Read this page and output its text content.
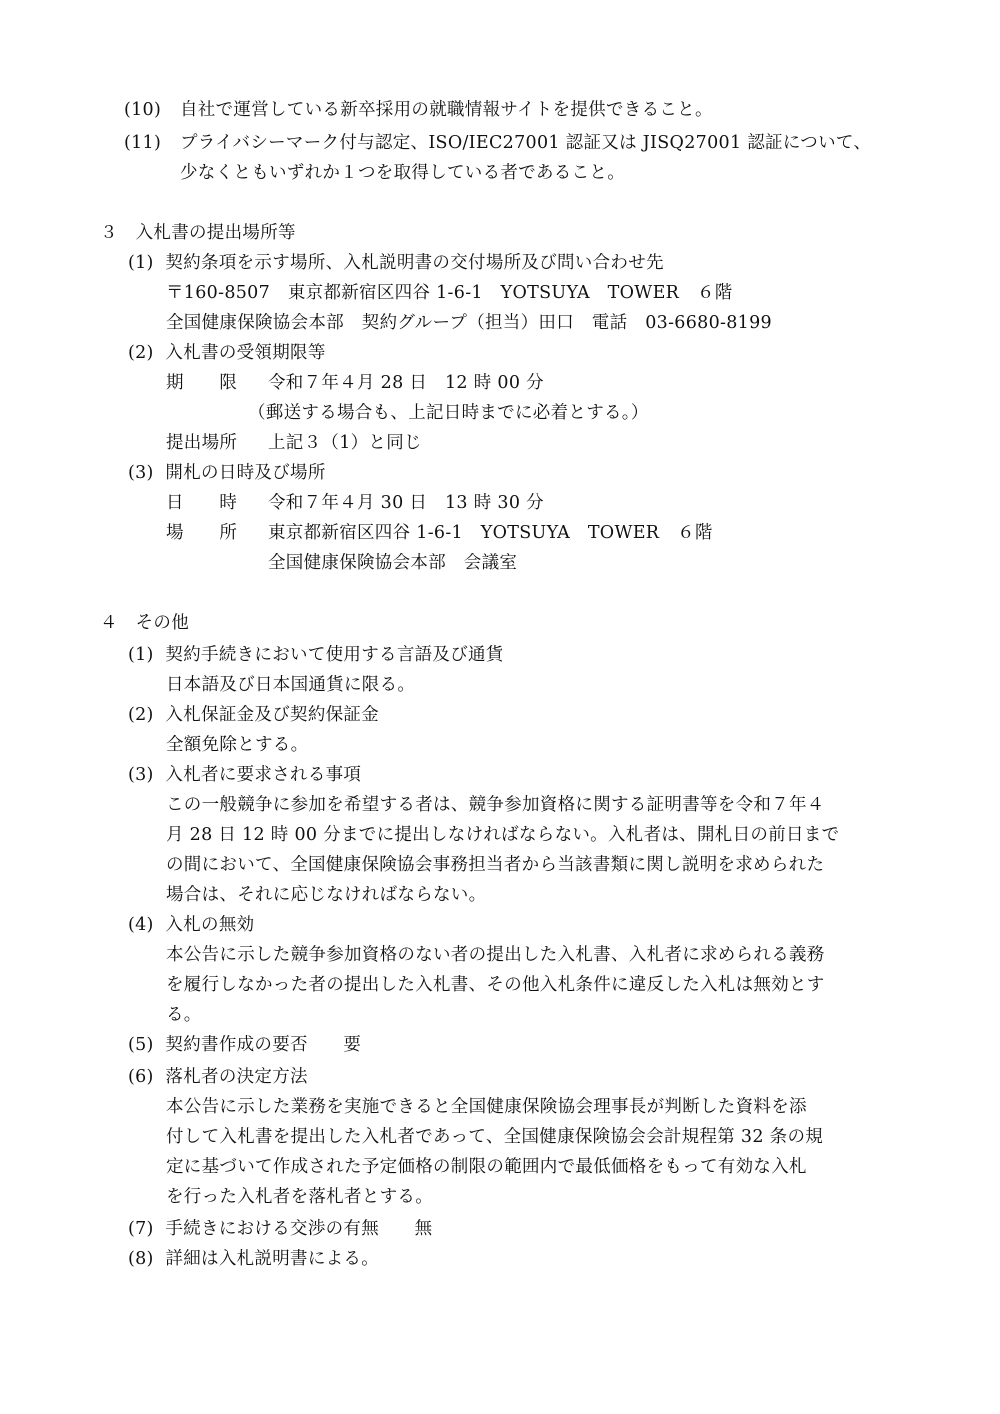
(10) 自社で運営している新卒採用の就職情報サイトを提供できること。
(11) プライバシーマーク付与認定、ISO/IEC27001 認証又は JISQ27001 認証について、
少なくともいずれか１つを取得している者であること。
３　入札書の提出場所等
(1)  契約条項を示す場所、入札説明書の交付場所及び問い合わせ先
〒160-8507　東京都新宿区四谷 1-6-1　YOTSUYA　TOWER　６階
全国健康保険協会本部　契約グループ（担当）田口　電話　03-6680-8199
(2)  入札書の受領期限等
期　　限 令和７年４月 28 日　12 時 00 分
（郵送する場合も、上記日時までに必着とする。）
提出場所 上記３（1）と同じ
(3)  開札の日時及び場所
日　　時 令和７年４月 30 日　13 時 30 分
場　　所 東京都新宿区四谷 1-6-1　YOTSUYA　TOWER　６階
全国健康保険協会本部　会議室
４　その他
(1)  契約手続きにおいて使用する言語及び通貨
日本語及び日本国通貨に限る。
(2)  入札保証金及び契約保証金
全額免除とする。
(3)  入札者に要求される事項
この一般競争に参加を希望する者は、競争参加資格に関する証明書等を令和７年４
月 28 日 12 時 00 分までに提出しなければならない。入札者は、開札日の前日まで
の間において、全国健康保険協会事務担当者から当該書類に関し説明を求められた
場合は、それに応じなければならない。
(4)  入札の無効
本公告に示した競争参加資格のない者の提出した入札書、入札者に求められる義務
を履行しなかった者の提出した入札書、その他入札条件に違反した入札は無効とす
る。
(5)  契約書作成の要否　　要
(6)  落札者の決定方法
本公告に示した業務を実施できると全国健康保険協会理事長が判断した資料を添
付して入札書を提出した入札者であって、全国健康保険協会会計規程第 32 条の規
定に基づいて作成された予定価格の制限の範囲内で最低価格をもって有効な入札
を行った入札者を落札者とする。
(7)  手続きにおける交渉の有無　　無
(8)  詳細は入札説明書による。
